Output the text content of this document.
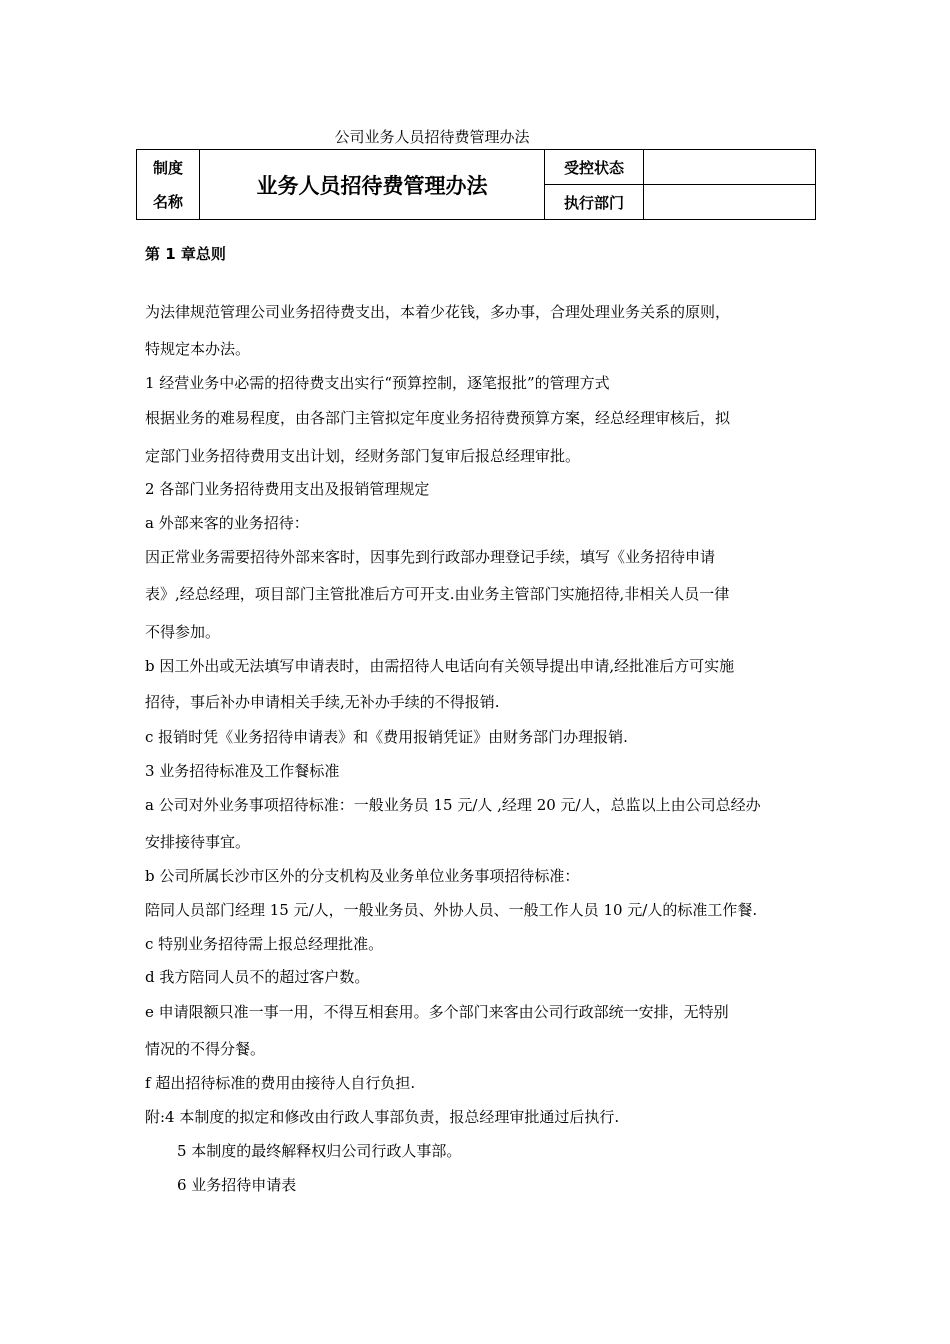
公司业务人员招待费管理办法
制度
名称	业务人员招待费管理办法	受控状态	
		执行部门	
第 1 章总则
为法律规范管理公司业务招待费支出，本着少花钱，多办事，合理处理业务关系的原则，
特规定本办法。
1 经营业务中必需的招待费支出实行“预算控制，逐笔报批”的管理方式
根据业务的难易程度，由各部门主管拟定年度业务招待费预算方案，经总经理审核后，拟
定部门业务招待费用支出计划，经财务部门复审后报总经理审批。
2 各部门业务招待费用支出及报销管理规定
a 外部来客的业务招待：
因正常业务需要招待外部来客时，因事先到行政部办理登记手续，填写《业务招待申请
表》,经总经理，项目部门主管批准后方可开支.由业务主管部门实施招待,非相关人员一律
不得参加。
b 因工外出或无法填写申请表时，由需招待人电话向有关领导提出申请,经批准后方可实施
招待，事后补办申请相关手续,无补办手续的不得报销.
c 报销时凭《业务招待申请表》和《费用报销凭证》由财务部门办理报销.
3 业务招待标准及工作餐标准
a 公司对外业务事项招待标准：一般业务员 15 元/人 ,经理 20 元/人，总监以上由公司总经办
安排接待事宜。
b 公司所属长沙市区外的分支机构及业务单位业务事项招待标准：
陪同人员部门经理 15 元/人，一般业务员、外协人员、一般工作人员 10 元/人的标准工作餐.
c 特别业务招待需上报总经理批准。
d 我方陪同人员不的超过客户数。
e 申请限额只准一事一用，不得互相套用。多个部门来客由公司行政部统一安排，无特别
情况的不得分餐。
f 超出招待标准的费用由接待人自行负担.
附:4 本制度的拟定和修改由行政人事部负责，报总经理审批通过后执行.
5 本制度的最终解释权归公司行政人事部。
6 业务招待申请表
